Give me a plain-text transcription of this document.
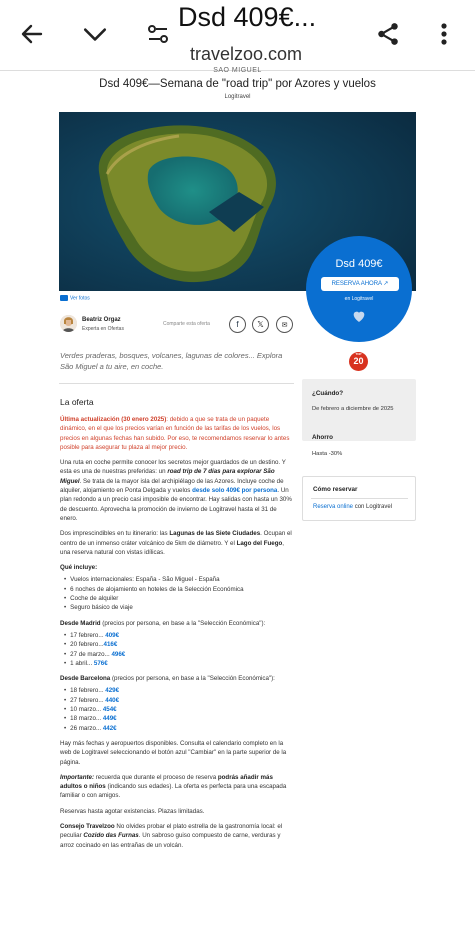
Dsd 409€...
travelzoo.com
SAO MIGUEL
Dsd 409€—Semana de "road trip" por Azores y vuelos
Logitravel
Dsd 409€
RESERVA AHORA ↗
en Logitravel
Ver fotos
Beatriz Orgaz
Experta en Ofertas
Comparte esta oferta	f	𝕏	✉
TOP
20
Verdes praderas, bosques, volcanes, lagunas de colores... Explora São Miguel a tu aire, en coche.
La oferta

Última actualización (30 enero 2025): debido a que se trata de un paquete dinámico, en el que los precios varían en función de las tarifas de los vuelos, los precios en algunas fechas han subido. Por eso, te recomendamos reservar lo antes posible para asegurar tu plaza al mejor precio.

Una ruta en coche permite conocer los secretos mejor guardados de un destino. Y esta es una de nuestras preferidas: un road trip de 7 días para explorar São Miguel. Se trata de la mayor isla del archipiélago de las Azores. Incluye coche de alquiler, alojamiento en Ponta Delgada y vuelos desde solo 409€ por persona. Un plan redondo a un precio casi imposible de encontrar. Hay salidas con hasta un 30% de descuento. Aprovecha la promoción de invierno de Logitravel hasta el 31 de enero.

Dos imprescindibles en tu itinerario: las Lagunas de las Siete Ciudades. Ocupan el centro de un inmenso cráter volcánico de 5km de diámetro. Y el Lago del Fuego, una reserva natural con vistas idílicas.

Qué incluye:

• Vuelos internacionales: España - São Miguel - España
• 6 noches de alojamiento en hoteles de la Selección Económica
• Coche de alquiler
• Seguro básico de viaje

Desde Madrid (precios por persona, en base a la "Selección Económica"):

• 17 febrero... 409€
• 20 febrero...416€
• 27 de marzo... 496€
• 1 abril... 576€

Desde Barcelona (precios por persona, en base a la "Selección Económica"):

• 18 febrero... 429€
• 27 febrero... 440€
• 10 marzo... 454€
• 18 marzo... 449€
• 26 marzo... 442€

Hay más fechas y aeropuertos disponibles. Consulta el calendario completo en la web de Logitravel seleccionando el botón azul "Cambiar" en la parte superior de la página.

Importante: recuerda que durante el proceso de reserva podrás añadir más adultos o niños (indicando sus edades). La oferta es perfecta para una escapada familiar o con amigos.

Reservas hasta agotar existencias. Plazas limitadas.

Consejo Travelzoo No olvides probar el plato estrella de la gastronomía local: el peculiar Cozido das Furnas. Un sabroso guiso compuesto de carne, verduras y arroz cocinado en las entrañas de un volcán.

¿Cuándo?
De febrero a diciembre de 2025
Ahorro
Hasta -30%
Cómo reservar
Reserva online con Logitravel
